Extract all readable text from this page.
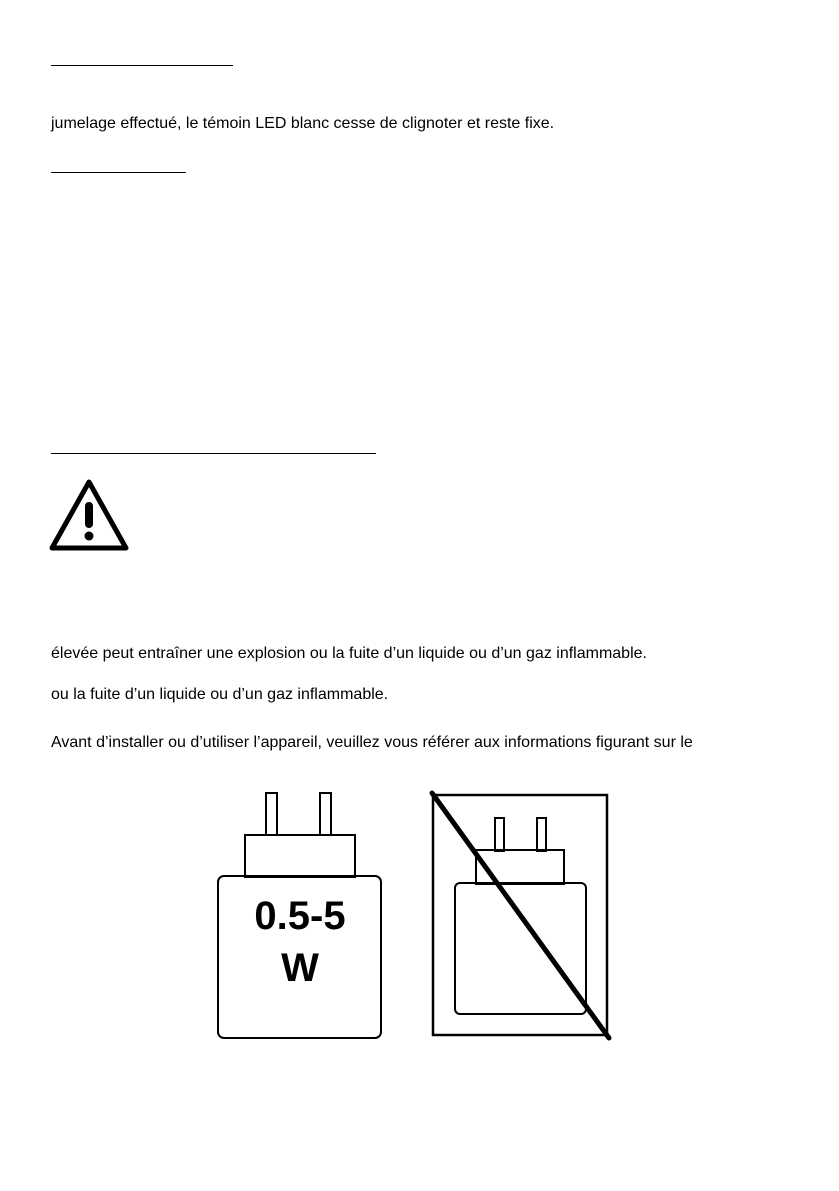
jumelage effectué, le témoin LED blanc cesse de clignoter et reste fixe.
élevée peut entraîner une explosion ou la fuite d’un liquide ou d’un gaz inflammable.
ou la fuite d’un liquide ou d’un gaz inflammable.
Avant d’installer ou d’utiliser l’appareil, veuillez vous référer aux informations figurant sur le
0.5-5
W
